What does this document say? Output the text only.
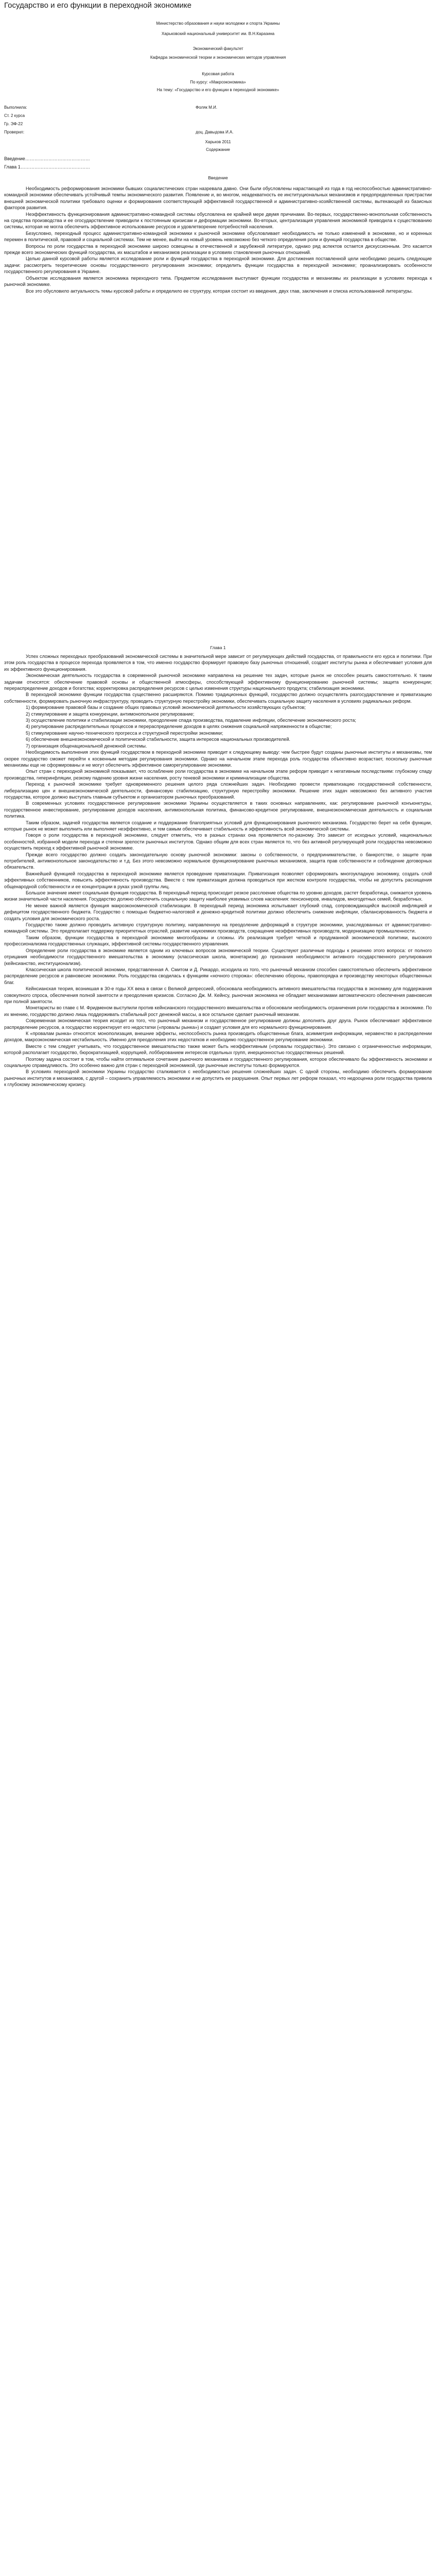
Государство и его функции в переходной экономике
Министерство образования и науки молодежи и спорта Украины
Харьковский национальный университет им. В.Н.Каразина
Экономический факультет
Кафедра экономической теории и экономических методов управления
Курсовая работа
По курсу: «Макроэкономика»
На тему: «Государство и его функции в переходной экономике»
Выполнила:	Фоляк М.И.
Ст. 2 курса
Гр. ЭФ-22
Проверил:	доц. Давыдова И.А.
Харьков 2011
Содержание
Введение……………………………………
Глава 1………………………………………
Введение

Необходимость реформирования экономики бывших социалистических стран назревала давно. Они были обусловлены нарастающей из года в год неспособностью административно-командной экономики обеспечивать устойчивый темпы экономического развития. Появление и, во многом, неадекватность ее институциональных механизмов и предопределенных пристрастии внешней экономической политики требовало оценки и формирования соответствующей эффективной государственной и административно-хозяйственной системы, вытекающей из базисных факторов развития.

Неэффективность функционирования административно-командной системы обусловлена ее крайней мере двумя причинами. Во-первых, государственно-монопольная собственность на средства производства и ее огосударствление приводили к постоянным кризисам и деформации экономики. Во-вторых, централизация управления экономикой приводила к существованию системы, которая не могла обеспечить эффективное использование ресурсов и удовлетворение потребностей населения.

Безусловно, переходный процесс административно-командной экономики к рыночной экономике обусловливает необходимость не только изменений в экономике, но и коренных перемен в политической, правовой и социальной системах. Тем не менее, выйти на новый уровень невозможно без четкого определения роли и функций государства в обществе.

Вопросы по роли государства в переходной экономике широко освещены в отечественной и зарубежной литературе, однако ряд аспектов остается дискуссионным. Это касается прежде всего экономических функций государства, их масштабов и механизмов реализации в условиях становления рыночных отношений.

Целью данной курсовой работы является исследование роли и функций государства в переходной экономике. Для достижения поставленной цели необходимо решить следующие задачи: рассмотреть теоретические основы государственного регулирования экономики; определить функции государства в переходной экономике; проанализировать особенности государственного регулирования в Украине.

Объектом исследования является экономика переходного типа. Предметом исследования выступают функции государства и механизмы их реализации в условиях перехода к рыночной экономике.

Все это обусловило актуальность темы курсовой работы и определило ее структуру, которая состоит из введения, двух глав, заключения и списка использованной литературы.

Глава 1

Успех сложных переходных преобразований экономической системы в значительной мере зависит от регулирующих действий государства, от правильности его курса и политики. При этом роль государства в процессе перехода проявляется в том, что именно государство формирует правовую базу рыночных отношений, создает институты рынка и обеспечивает условия для их эффективного функционирования.

Экономическая деятельность государства в современной рыночной экономике направлена на решение тех задач, которые рынок не способен решить самостоятельно. К таким задачам относятся: обеспечение правовой основы и общественной атмосферы, способствующей эффективному функционированию рыночной системы; защита конкуренции; перераспределение доходов и богатства; корректировка распределения ресурсов с целью изменения структуры национального продукта; стабилизация экономики.

В переходной экономике функции государства существенно расширяются. Помимо традиционных функций, государство должно осуществлять разгосударствление и приватизацию собственности, формировать рыночную инфраструктуру, проводить структурную перестройку экономики, обеспечивать социальную защиту населения в условиях радикальных реформ.

1) формирование правовой базы и создание общих правовых условий экономической деятельности хозяйствующих субъектов;

2) стимулирование и защита конкуренции, антимонопольное регулирование;

3) осуществление политики и стабилизации экономики, преодоление спада производства, подавление инфляции, обеспечение экономического роста;

4) регулирование распределительных процессов и перераспределение доходов в целях снижения социальной напряженности в обществе;

5) стимулирование научно-технического прогресса и структурной перестройки экономики;

6) обеспечение внешнеэкономической и политической стабильности, защита интересов национальных производителей.

7) организация общенациональной денежной системы.

Необходимость выполнения этих функций государством в переходной экономике приводит к следующему выводу: чем быстрее будут созданы рыночные институты и механизмы, тем скорее государство сможет перейти к косвенным методам регулирования экономики. Однако на начальном этапе перехода роль государства объективно возрастает, поскольку рыночные механизмы еще не сформированы и не могут обеспечить эффективное саморегулирование экономики.

Опыт стран с переходной экономикой показывает, что ослабление роли государства в экономике на начальном этапе реформ приводит к негативным последствиям: глубокому спаду производства, гиперинфляции, резкому падению уровня жизни населения, росту теневой экономики и криминализации общества.

Переход к рыночной экономике требует одновременного решения целого ряда сложнейших задач. Необходимо провести приватизацию государственной собственности, либерализацию цен и внешнеэкономической деятельности, финансовую стабилизацию, структурную перестройку экономики. Решение этих задач невозможно без активного участия государства, которое должно выступать главным субъектом и организатором рыночных преобразований.

В современных условиях государственное регулирование экономики Украины осуществляется в таких основных направлениях, как: регулирование рыночной конъюнктуры, государственное инвестирование, регулирование доходов населения, антимонопольная политика, финансово-кредитное регулирование, внешнеэкономическая деятельность и социальная политика.

Таким образом, задачей государства является создание и поддержание благоприятных условий для функционирования рыночного механизма. Государство берет на себя функции, которые рынок не может выполнить или выполняет неэффективно, и тем самым обеспечивает стабильность и эффективность всей экономической системы.

Говоря о роли государства в переходной экономике, следует отметить, что в разных странах она проявляется по-разному. Это зависит от исходных условий, национальных особенностей, избранной модели перехода и степени зрелости рыночных институтов. Однако общим для всех стран является то, что без активной регулирующей роли государства невозможно осуществить переход к эффективной рыночной экономике.

Прежде всего государство должно создать законодательную основу рыночной экономики: законы о собственности, о предпринимательстве, о банкротстве, о защите прав потребителей, антимонопольное законодательство и т.д. Без этого невозможно нормальное функционирование рыночных механизмов, защита прав собственности и соблюдение договорных обязательств.

Важнейшей функцией государства в переходной экономике является проведение приватизации. Приватизация позволяет сформировать многоукладную экономику, создать слой эффективных собственников, повысить эффективность производства. Вместе с тем приватизация должна проводиться при жестком контроле государства, чтобы не допустить расхищения общенародной собственности и ее концентрации в руках узкой группы лиц.

Большое значение имеет социальная функция государства. В переходный период происходит резкое расслоение общества по уровню доходов, растет безработица, снижается уровень жизни значительной части населения. Государство должно обеспечить социальную защиту наиболее уязвимых слоев населения: пенсионеров, инвалидов, многодетных семей, безработных.

Не менее важной является функция макроэкономической стабилизации. В переходный период экономика испытывает глубокий спад, сопровождающийся высокой инфляцией и дефицитом государственного бюджета. Государство с помощью бюджетно-налоговой и денежно-кредитной политики должно обеспечить снижение инфляции, сбалансированность бюджета и создать условия для экономического роста.

Государство также должно проводить активную структурную политику, направленную на преодоление деформаций в структуре экономики, унаследованных от административно-командной системы. Это предполагает поддержку приоритетных отраслей, развитие наукоемких производств, сокращение неэффективных производств, модернизацию промышленности.

Таким образом, функции государства в переходной экономике многообразны и сложны. Их реализация требует четкой и продуманной экономической политики, высокого профессионализма государственных служащих, эффективной системы государственного управления.

Определение роли государства в экономике является одним из ключевых вопросов экономической теории. Существуют различные подходы к решению этого вопроса: от полного отрицания необходимости государственного вмешательства в экономику (классическая школа, монетаризм) до признания необходимости активного государственного регулирования (кейнсианство, институционализм).

Классическая школа политической экономии, представленная А. Смитом и Д. Рикардо, исходила из того, что рыночный механизм способен самостоятельно обеспечить эффективное распределение ресурсов и равновесие экономики. Роль государства сводилась к функциям «ночного сторожа»: обеспечению обороны, правопорядка и производству некоторых общественных благ.

Кейнсианская теория, возникшая в 30-е годы XX века в связи с Великой депрессией, обосновала необходимость активного вмешательства государства в экономику для поддержания совокупного спроса, обеспечения полной занятости и преодоления кризисов. Согласно Дж. М. Кейнсу, рыночная экономика не обладает механизмами автоматического обеспечения равновесия при полной занятости.

Монетаристы во главе с М. Фридменом выступили против кейнсианского государственного вмешательства и обосновали необходимость ограничения роли государства в экономике. По их мнению, государство должно лишь поддерживать стабильный рост денежной массы, а все остальное сделает рыночный механизм.

Современная экономическая теория исходит из того, что рыночный механизм и государственное регулирование должны дополнять друг друга. Рынок обеспечивает эффективное распределение ресурсов, а государство корректирует его недостатки («провалы рынка») и создает условия для его нормального функционирования.

К «провалам рынка» относятся: монополизация, внешние эффекты, неспособность рынка производить общественные блага, асимметрия информации, неравенство в распределении доходов, макроэкономическая нестабильность. Именно для преодоления этих недостатков и необходимо государственное регулирование экономики.

Вместе с тем следует учитывать, что государственное вмешательство также может быть неэффективным («провалы государства»). Это связано с ограниченностью информации, которой располагает государство, бюрократизацией, коррупцией, лоббированием интересов отдельных групп, инерционностью государственных решений.

Поэтому задача состоит в том, чтобы найти оптимальное сочетание рыночного механизма и государственного регулирования, которое обеспечивало бы эффективность экономики и социальную справедливость. Это особенно важно для стран с переходной экономикой, где рыночные институты только формируются.

В условиях переходной экономики Украины государство сталкивается с необходимостью решения сложнейших задач. С одной стороны, необходимо обеспечить формирование рыночных институтов и механизмов, с другой – сохранить управляемость экономики и не допустить ее разрушения. Опыт первых лет реформ показал, что недооценка роли государства привела к глубокому экономическому кризису.
